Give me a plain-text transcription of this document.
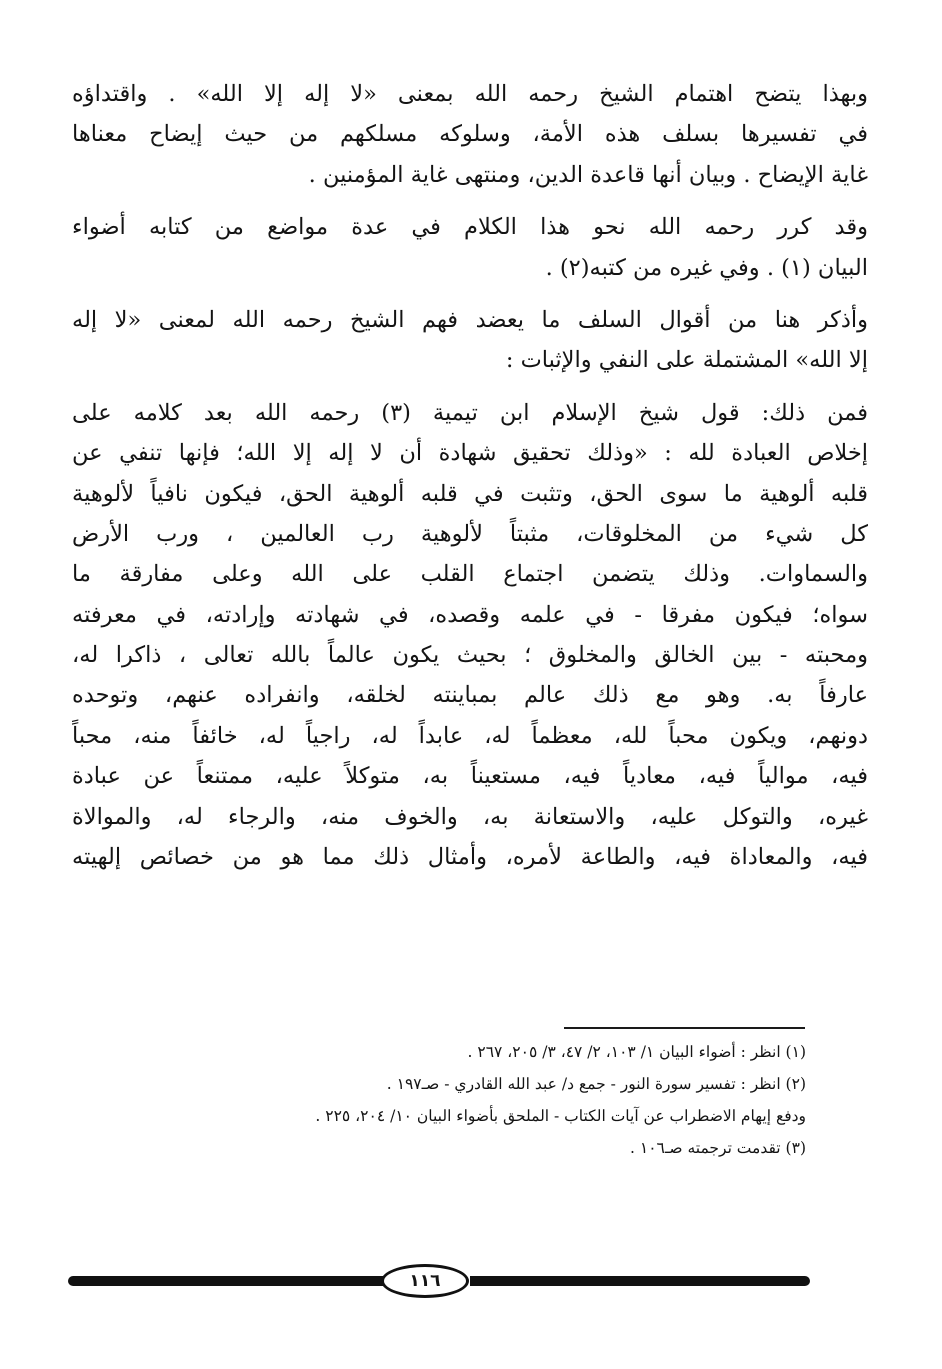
وبهذا يتضح اهتمام الشيخ رحمه الله بمعنى «لا إله إلا الله» . واقتداؤه
في تفسيرها بسلف هذه الأمة، وسلوكه مسلكهم من حيث إيضاح معناها
غاية الإيضاح . وبيان أنها قاعدة الدين، ومنتهى غاية المؤمنين .
وقد كرر رحمه الله نحو هذا الكلام في عدة مواضع من كتابه أضواء
البيان (١) . وفي غيره من كتبه(٢) .
وأذكر هنا من أقوال السلف ما يعضد فهم الشيخ رحمه الله لمعنى «لا إله
إلا الله» المشتملة على النفي والإثبات :
فمن ذلك: قول شيخ الإسلام ابن تيمية (٣) رحمه الله بعد كلامه على
إخلاص العبادة لله : «وذلك تحقيق شهادة أن لا إله إلا الله؛ فإنها تنفي عن
قلبه ألوهية ما سوى الحق، وتثبت في قلبه ألوهية الحق، فيكون نافياً لألوهية
كل شيء من المخلوقات، مثبتاً لألوهية رب العالمين ، ورب الأرض
والسماوات. وذلك يتضمن اجتماع القلب على الله وعلى مفارقة ما
سواه؛ فيكون مفرقا - في علمه وقصده، في شهادته وإرادته، في معرفته
ومحبته - بين الخالق والمخلوق ؛ بحيث يكون عالماً بالله تعالى ، ذاكرا له،
عارفاً به. وهو مع ذلك عالم بمباينته لخلقه، وانفراده عنهم، وتوحده
دونهم، ويكون محباً لله، معظماً له، عابداً له، راجياً له، خائفاً منه، محباً
فيه، موالياً فيه، معادياً فيه، مستعيناً به، متوكلاً عليه، ممتنعاً عن عبادة
غيره، والتوكل عليه، والاستعانة به، والخوف منه، والرجاء له، والموالاة
فيه، والمعاداة فيه، والطاعة لأمره، وأمثال ذلك مما هو من خصائص إلهيته
(١) انظر : أضواء البيان ١/ ١٠٣، ٢/ ٤٧، ٣/ ٢٠٥، ٢٦٧ .
(٢) انظر : تفسير سورة النور - جمع د/ عبد الله القادري - صـ١٩٧ .
ودفع إيهام الاضطراب عن آيات الكتاب - الملحق بأضواء البيان ١٠/ ٢٠٤، ٢٢٥ .
(٣) تقدمت ترجمته صـ١٠٦ .
١١٦
